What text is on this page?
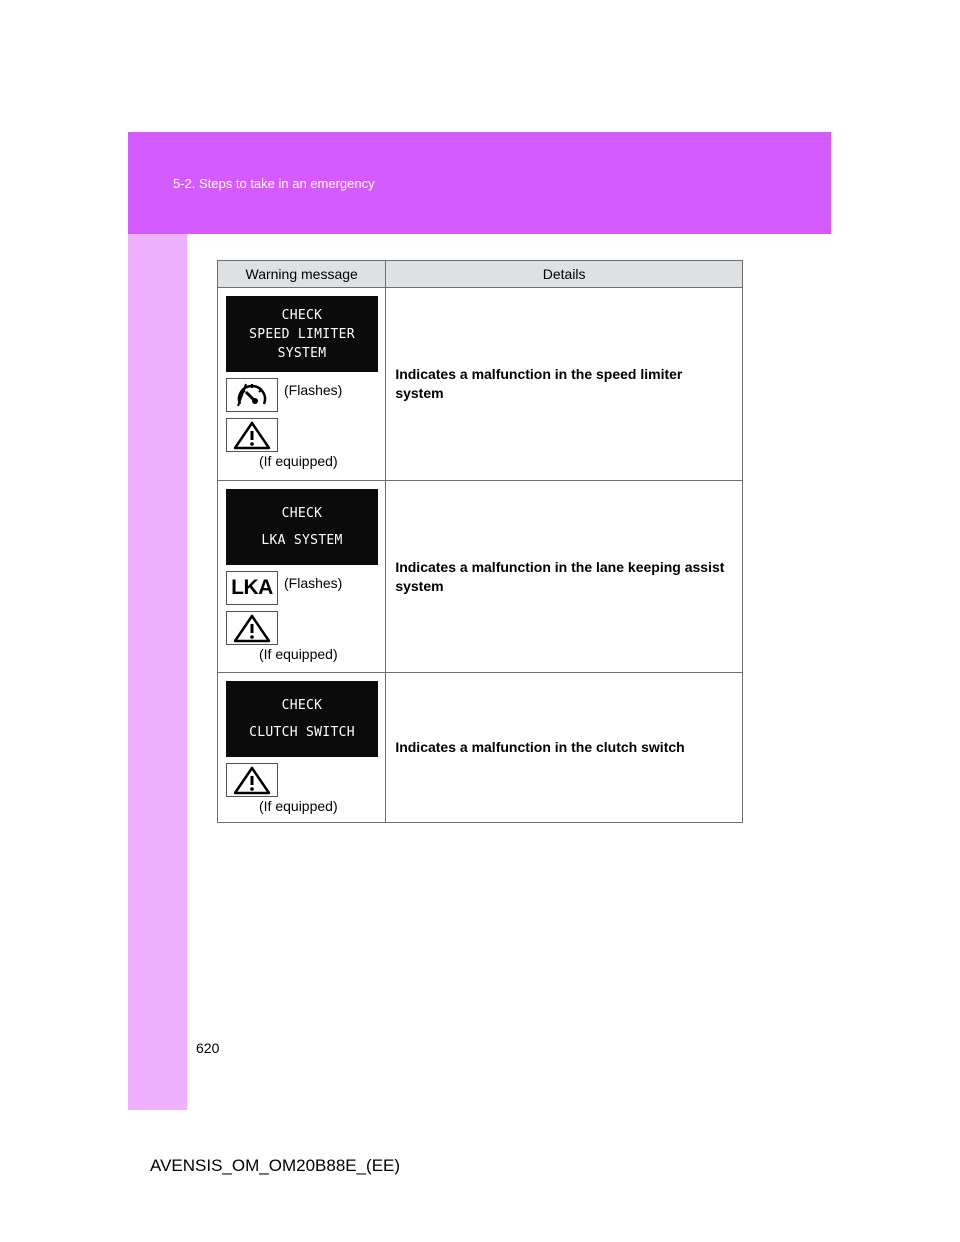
5-2. Steps to take in an emergency
Warning message	Details

CHECK
SPEED LIMITER
SYSTEM
(Flashes)
(If equipped)	Indicates a malfunction in the speed limiter system

CHECK
LKA SYSTEM
LKA (Flashes)
(If equipped)	Indicates a malfunction in the lane keeping assist system

CHECK
CLUTCH SWITCH
(If equipped)	Indicates a malfunction in the clutch switch
620
AVENSIS_OM_OM20B88E_(EE)
